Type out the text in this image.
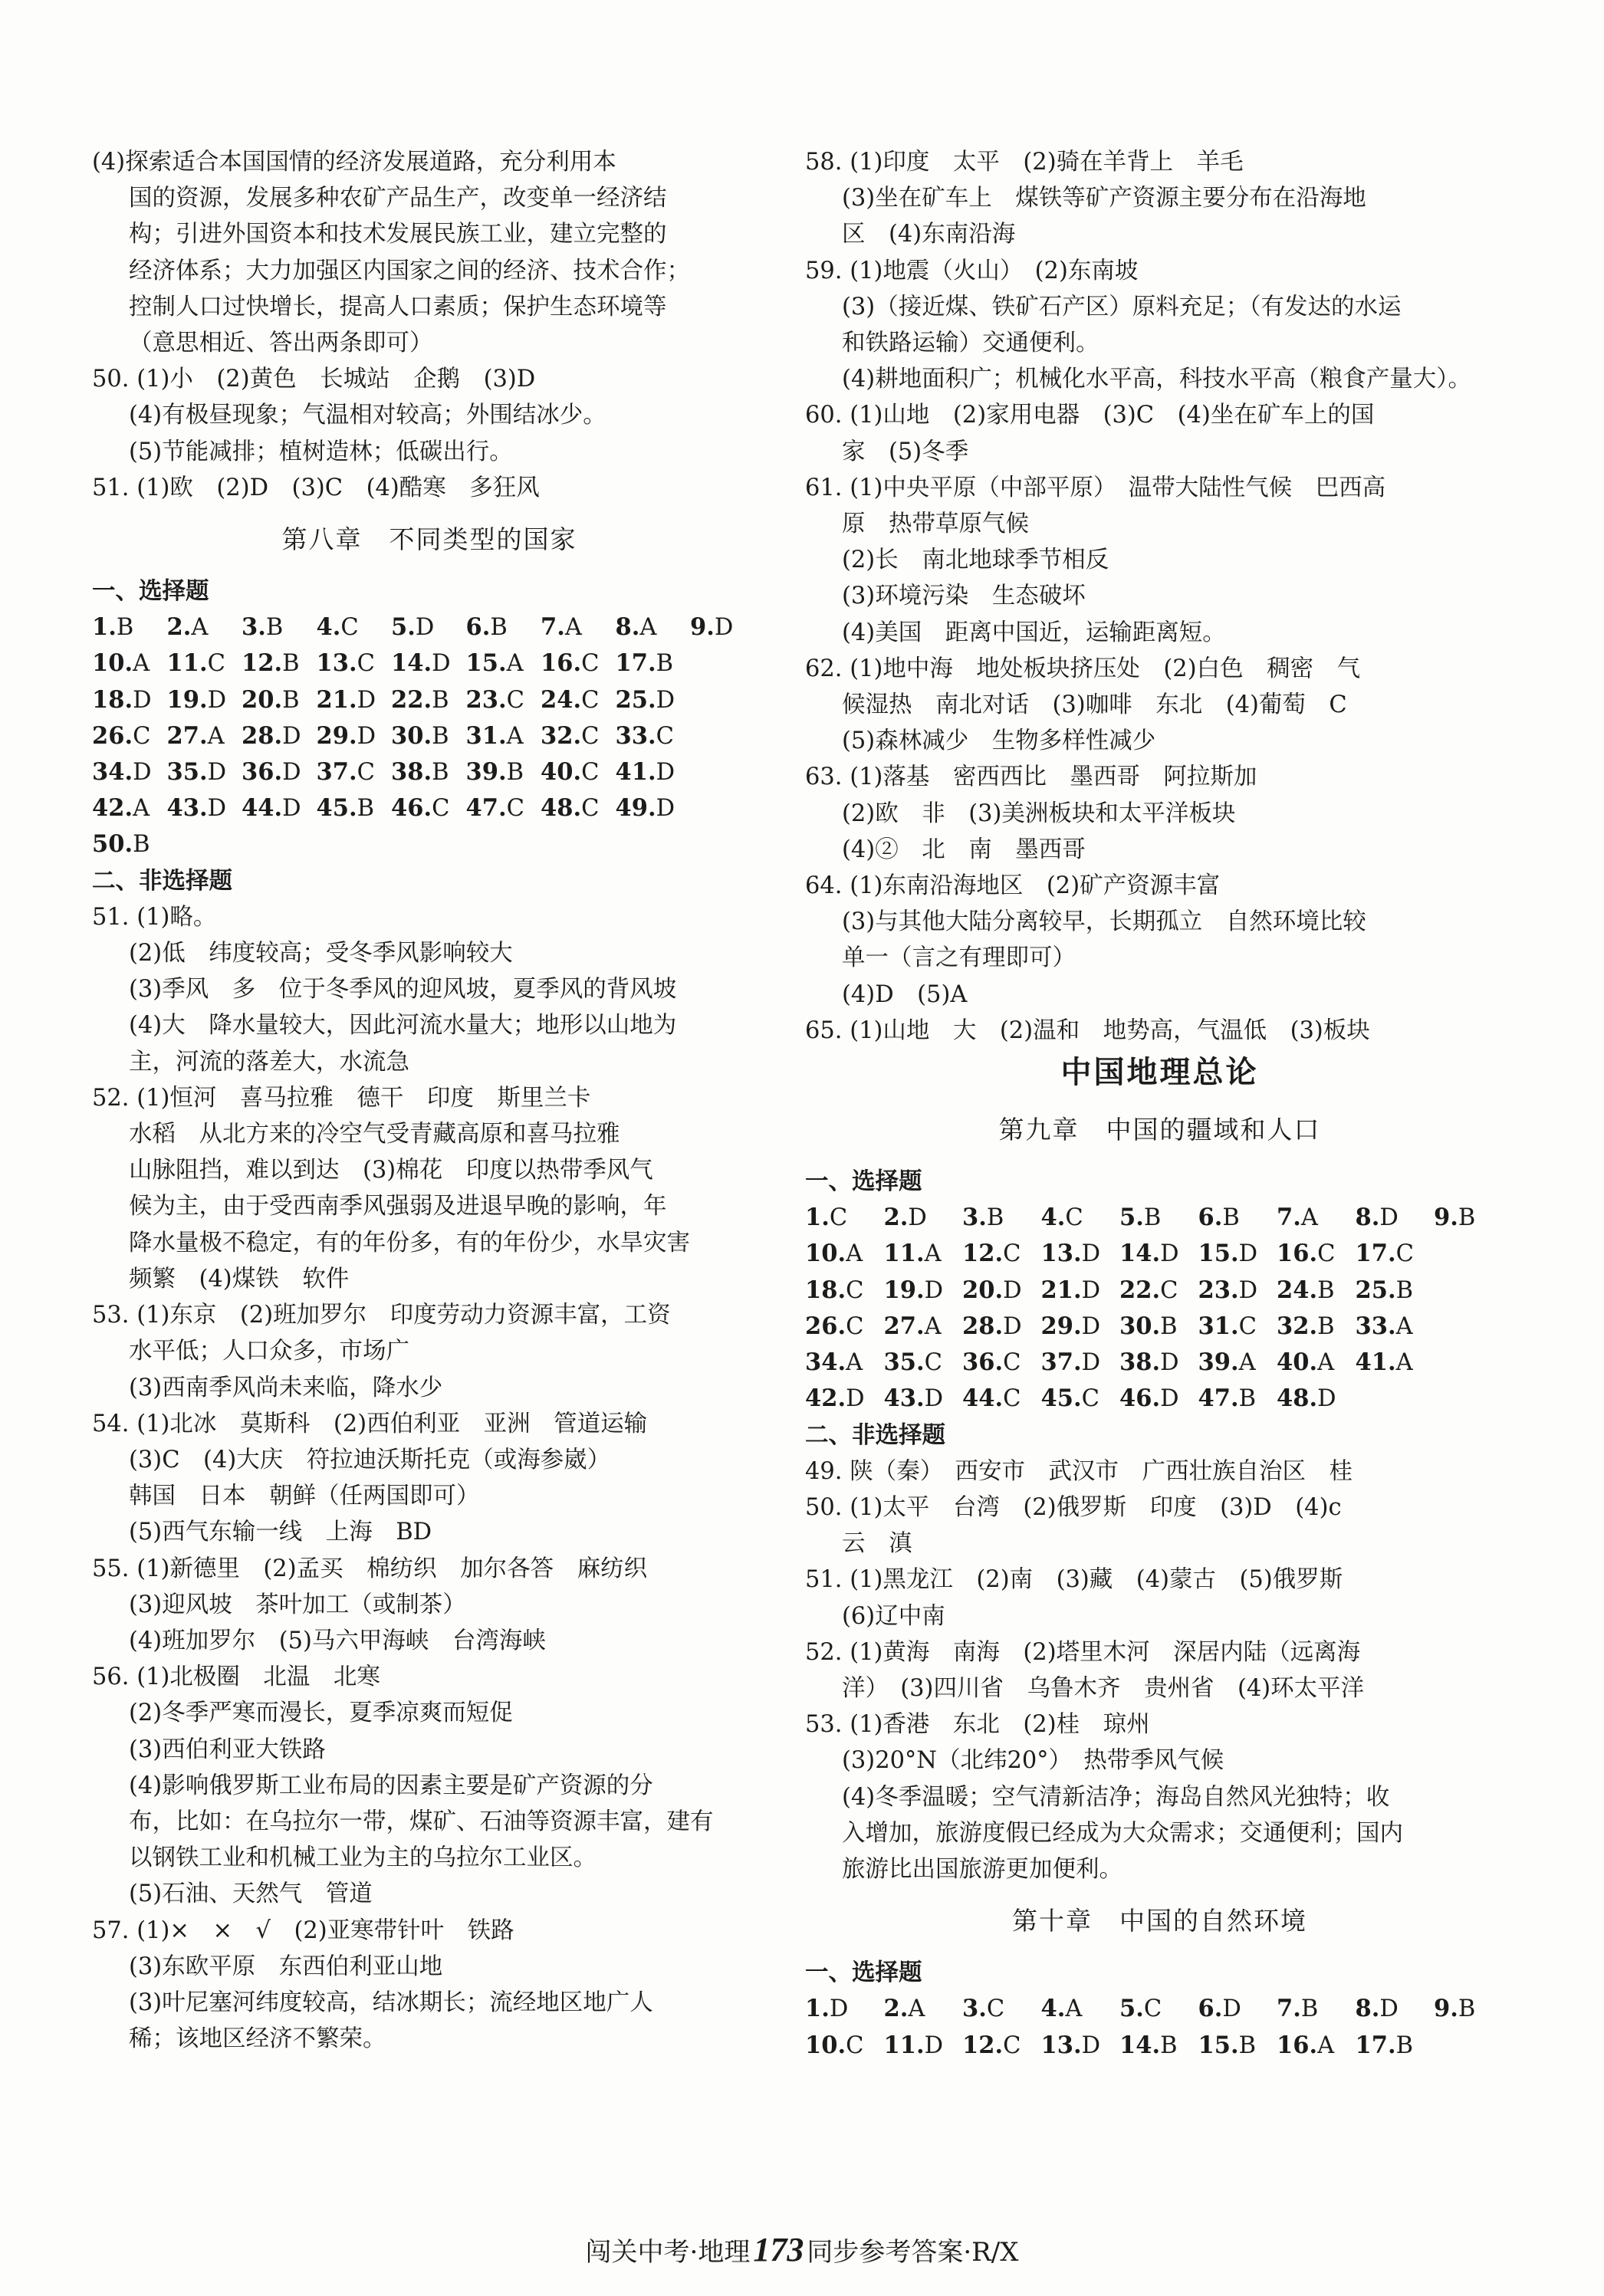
(4)探索适合本国国情的经济发展道路，充分利用本
国的资源，发展多种农矿产品生产，改变单一经济结
构；引进外国资本和技术发展民族工业，建立完整的
经济体系；大力加强区内国家之间的经济、技术合作；
控制人口过快增长，提高人口素质；保护生态环境等
（意思相近、答出两条即可）
50. (1)小　(2)黄色　长城站　企鹅　(3)D
(4)有极昼现象；气温相对较高；外围结冰少。
(5)节能减排；植树造林；低碳出行。
51. (1)欧　(2)D　(3)C　(4)酷寒　多狂风
第八章　不同类型的国家
一、选择题
1.B	2.A	3.B	4.C	5.D	6.B	7.A	8.A	9.D
10.A 11.C 12.B 13.C 14.D 15.A 16.C 17.B
18.D 19.D 20.B 21.D 22.B 23.C 24.C 25.D
26.C 27.A 28.D 29.D 30.B 31.A 32.C 33.C
34.D 35.D 36.D 37.C 38.B 39.B 40.C 41.D
42.A 43.D 44.D 45.B 46.C 47.C 48.C 49.D
50.B
二、非选择题
51. (1)略。
(2)低　纬度较高；受冬季风影响较大
(3)季风　多　位于冬季风的迎风坡，夏季风的背风坡
(4)大　降水量较大，因此河流水量大；地形以山地为
主，河流的落差大，水流急
52. (1)恒河　喜马拉雅　德干　印度　斯里兰卡
水稻　从北方来的冷空气受青藏高原和喜马拉雅
山脉阻挡，难以到达　(3)棉花　印度以热带季风气
候为主，由于受西南季风强弱及进退早晚的影响，年
降水量极不稳定，有的年份多，有的年份少，水旱灾害
频繁　(4)煤铁　软件
53. (1)东京　(2)班加罗尔　印度劳动力资源丰富，工资
水平低；人口众多，市场广
(3)西南季风尚未来临，降水少
54. (1)北冰　莫斯科　(2)西伯利亚　亚洲　管道运输
(3)C　(4)大庆　符拉迪沃斯托克（或海参崴）
韩国　日本　朝鲜（任两国即可）
(5)西气东输一线　上海　BD
55. (1)新德里　(2)孟买　棉纺织　加尔各答　麻纺织
(3)迎风坡　茶叶加工（或制茶）
(4)班加罗尔　(5)马六甲海峡　台湾海峡
56. (1)北极圈　北温　北寒
(2)冬季严寒而漫长，夏季凉爽而短促
(3)西伯利亚大铁路
(4)影响俄罗斯工业布局的因素主要是矿产资源的分
布，比如：在乌拉尔一带，煤矿、石油等资源丰富，建有
以钢铁工业和机械工业为主的乌拉尔工业区。
(5)石油、天然气　管道
57. (1)×　×　√　(2)亚寒带针叶　铁路
(3)东欧平原　东西伯利亚山地
(3)叶尼塞河纬度较高，结冰期长；流经地区地广人
稀；该地区经济不繁荣。
58. (1)印度　太平　(2)骑在羊背上　羊毛
(3)坐在矿车上　煤铁等矿产资源主要分布在沿海地
区　(4)东南沿海
59. (1)地震（火山）　(2)东南坡
(3)（接近煤、铁矿石产区）原料充足；（有发达的水运
和铁路运输）交通便利。
(4)耕地面积广；机械化水平高，科技水平高（粮食产量大）。
60. (1)山地　(2)家用电器　(3)C　(4)坐在矿车上的国
家　(5)冬季
61. (1)中央平原（中部平原）　温带大陆性气候　巴西高
原　热带草原气候
(2)长　南北地球季节相反
(3)环境污染　生态破坏
(4)美国　距离中国近，运输距离短。
62. (1)地中海　地处板块挤压处　(2)白色　稠密　气
候湿热　南北对话　(3)咖啡　东北　(4)葡萄　C
(5)森林减少　生物多样性减少
63. (1)落基　密西西比　墨西哥　阿拉斯加
(2)欧　非　(3)美洲板块和太平洋板块
(4)②　北　南　墨西哥
64. (1)东南沿海地区　(2)矿产资源丰富
(3)与其他大陆分离较早，长期孤立　自然环境比较
单一（言之有理即可）
(4)D　(5)A
65. (1)山地　大　(2)温和　地势高，气温低　(3)板块
中国地理总论
第九章　中国的疆域和人口
一、选择题
1.C	2.D	3.B	4.C	5.B	6.B	7.A	8.D	9.B
10.A 11.A 12.C 13.D 14.D 15.D 16.C 17.C
18.C 19.D 20.D 21.D 22.C 23.D 24.B 25.B
26.C 27.A 28.D 29.D 30.B 31.C 32.B 33.A
34.A 35.C 36.C 37.D 38.D 39.A 40.A 41.A
42.D 43.D 44.C 45.C 46.D 47.B 48.D
二、非选择题
49. 陕（秦）　西安市　武汉市　广西壮族自治区　桂
50. (1)太平　台湾　(2)俄罗斯　印度　(3)D　(4)c
云　滇
51. (1)黑龙江　(2)南　(3)藏　(4)蒙古　(5)俄罗斯
(6)辽中南
52. (1)黄海　南海　(2)塔里木河　深居内陆（远离海
洋）　(3)四川省　乌鲁木齐　贵州省　(4)环太平洋
53. (1)香港　东北　(2)桂　琼州
(3)20°N（北纬20°）　热带季风气候
(4)冬季温暖；空气清新洁净；海岛自然风光独特；收
入增加，旅游度假已经成为大众需求；交通便利；国内
旅游比出国旅游更加便利。
第十章　中国的自然环境
一、选择题
1.D	2.A	3.C	4.A	5.C	6.D	7.B	8.D	9.B
10.C 11.D 12.C 13.D 14.B 15.B 16.A 17.B
闯关中考·地理173 同步参考答案·R/X
